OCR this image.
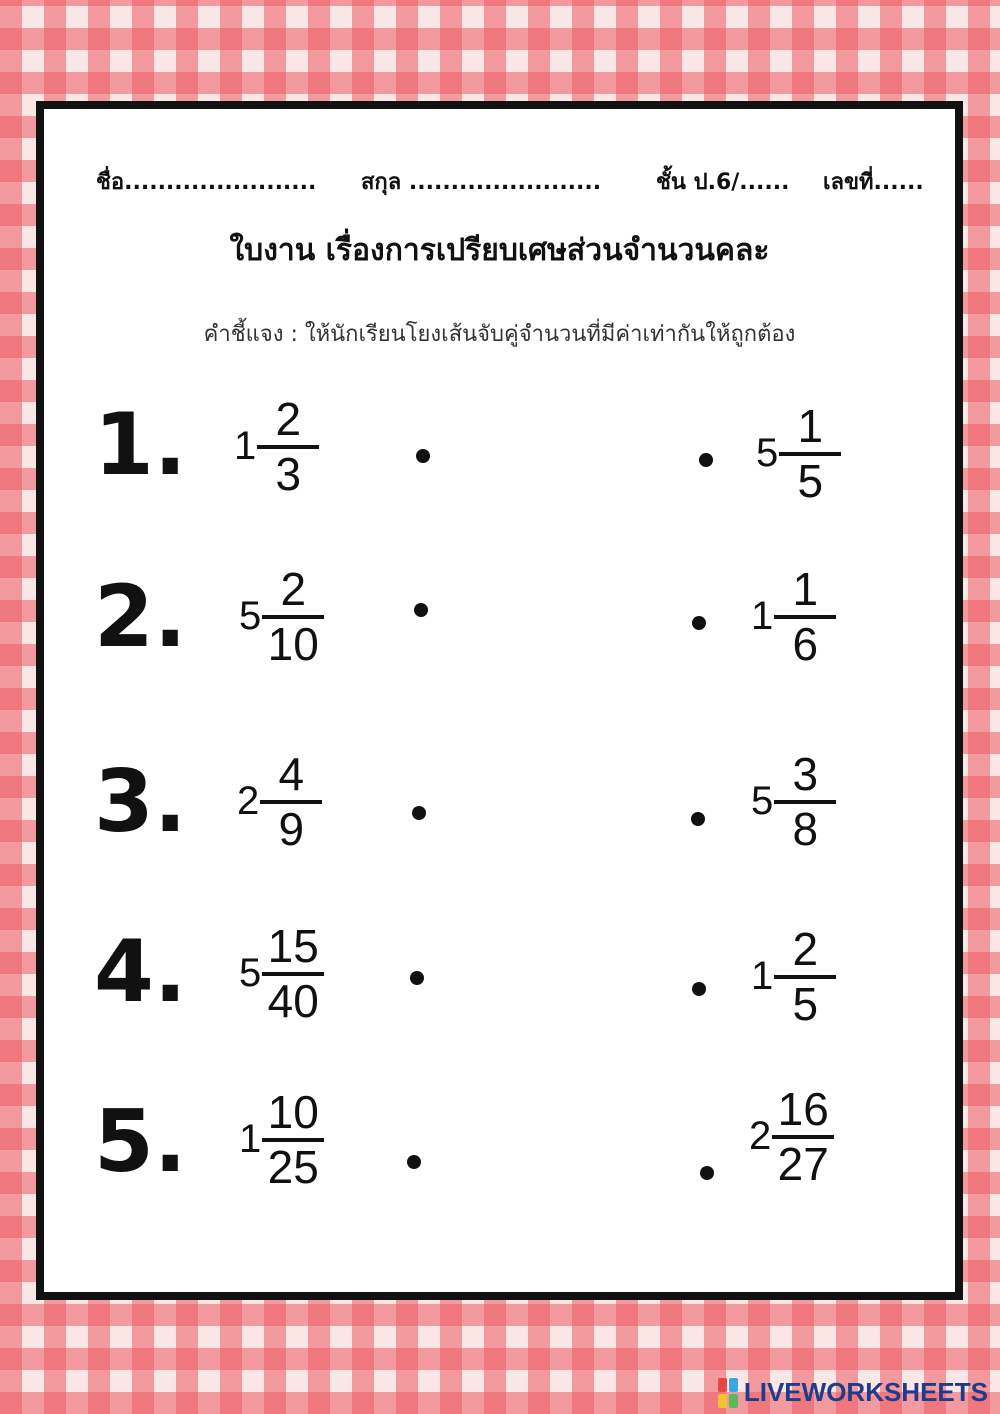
ชื่อ....................... สกุล ....................... ชั้น ป.6/...... เลขที่......
ใบงาน เรื่องการเปรียบเศษส่วนจำนวนคละ
คำชี้แจง : ให้นักเรียนโยงเส้นจับคู่จำนวนที่มีค่าเท่ากันให้ถูกต้อง
1. $1 \frac{2}{3}$	$5 \frac{1}{5}$
2. $5 \frac{2}{10}$	$1 \frac{1}{6}$
3. $2 \frac{4}{9}$	$5 \frac{3}{8}$
4. $5 \frac{15}{40}$	$1 \frac{2}{5}$
5. $1 \frac{10}{25}$	$2 \frac{16}{27}$
LIVEWORKSHEETS
